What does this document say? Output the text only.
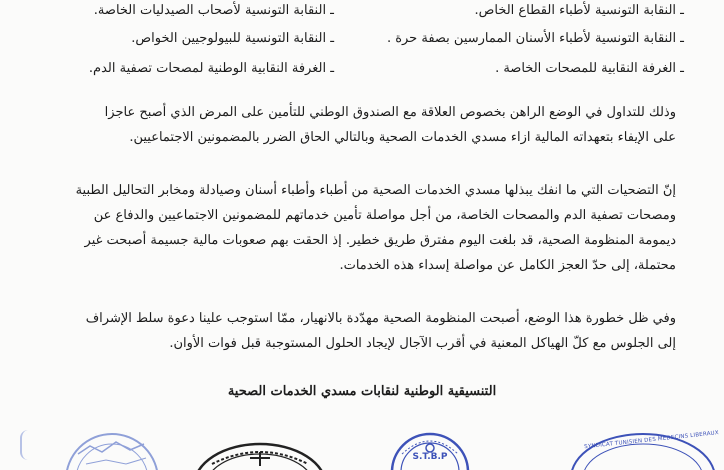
ـ النقابة التونسية لأطباء القطاع الخاص.
ـ النقابة التونسية لأطباء الأسنان الممارسين بصفة حرة .
ـ الغرفة النقابية للمصحات الخاصة .
ـ النقابة التونسية لأصحاب الصيدليات الخاصة.
ـ النقابة التونسية للبيولوجيين الخواص.
ـ الغرفة النقابية الوطنية لمصحات تصفية الدم.
وذلك للتداول في الوضع الراهن بخصوص العلاقة مع الصندوق الوطني للتأمين على المرض الذي أصبح عاجزا
على الإيفاء بتعهداته المالية ازاء مسدي الخدمات الصحية وبالتالي الحاق الضرر بالمضمونين الاجتماعيين.
إنّ التضحيات التي ما انفك يبذلها مسدي الخدمات الصحية من أطباء وأطباء أسنان وصيادلة ومخابر التحاليل الطبية
ومصحات تصفية الدم والمصحات الخاصة، من أجل مواصلة تأمين خدماتهم للمضمونين الاجتماعيين والدفاع عن
ديمومة المنظومة الصحية، قد بلغت اليوم مفترق طريق خطير. إذ الحقت بهم صعوبات مالية جسيمة أصبحت غير
محتملة، إلى حدّ العجز الكامل عن مواصلة إسداء هذه الخدمات.
وفي ظل خطورة هذا الوضع، أصبحت المنظومة الصحية مهدّدة بالانهيار، ممّا استوجب علينا دعوة سلط الإشراف
إلى الجلوس مع كلّ الهياكل المعنية في أقرب الآجال لإيجاد الحلول المستوجبة قبل فوات الأوان.
التنسيقية الوطنية لنقابات مسدي الخدمات الصحية
S.T.B.P
SYNDICAT TUNISIEN DES MEDECINS LIBERAUX
